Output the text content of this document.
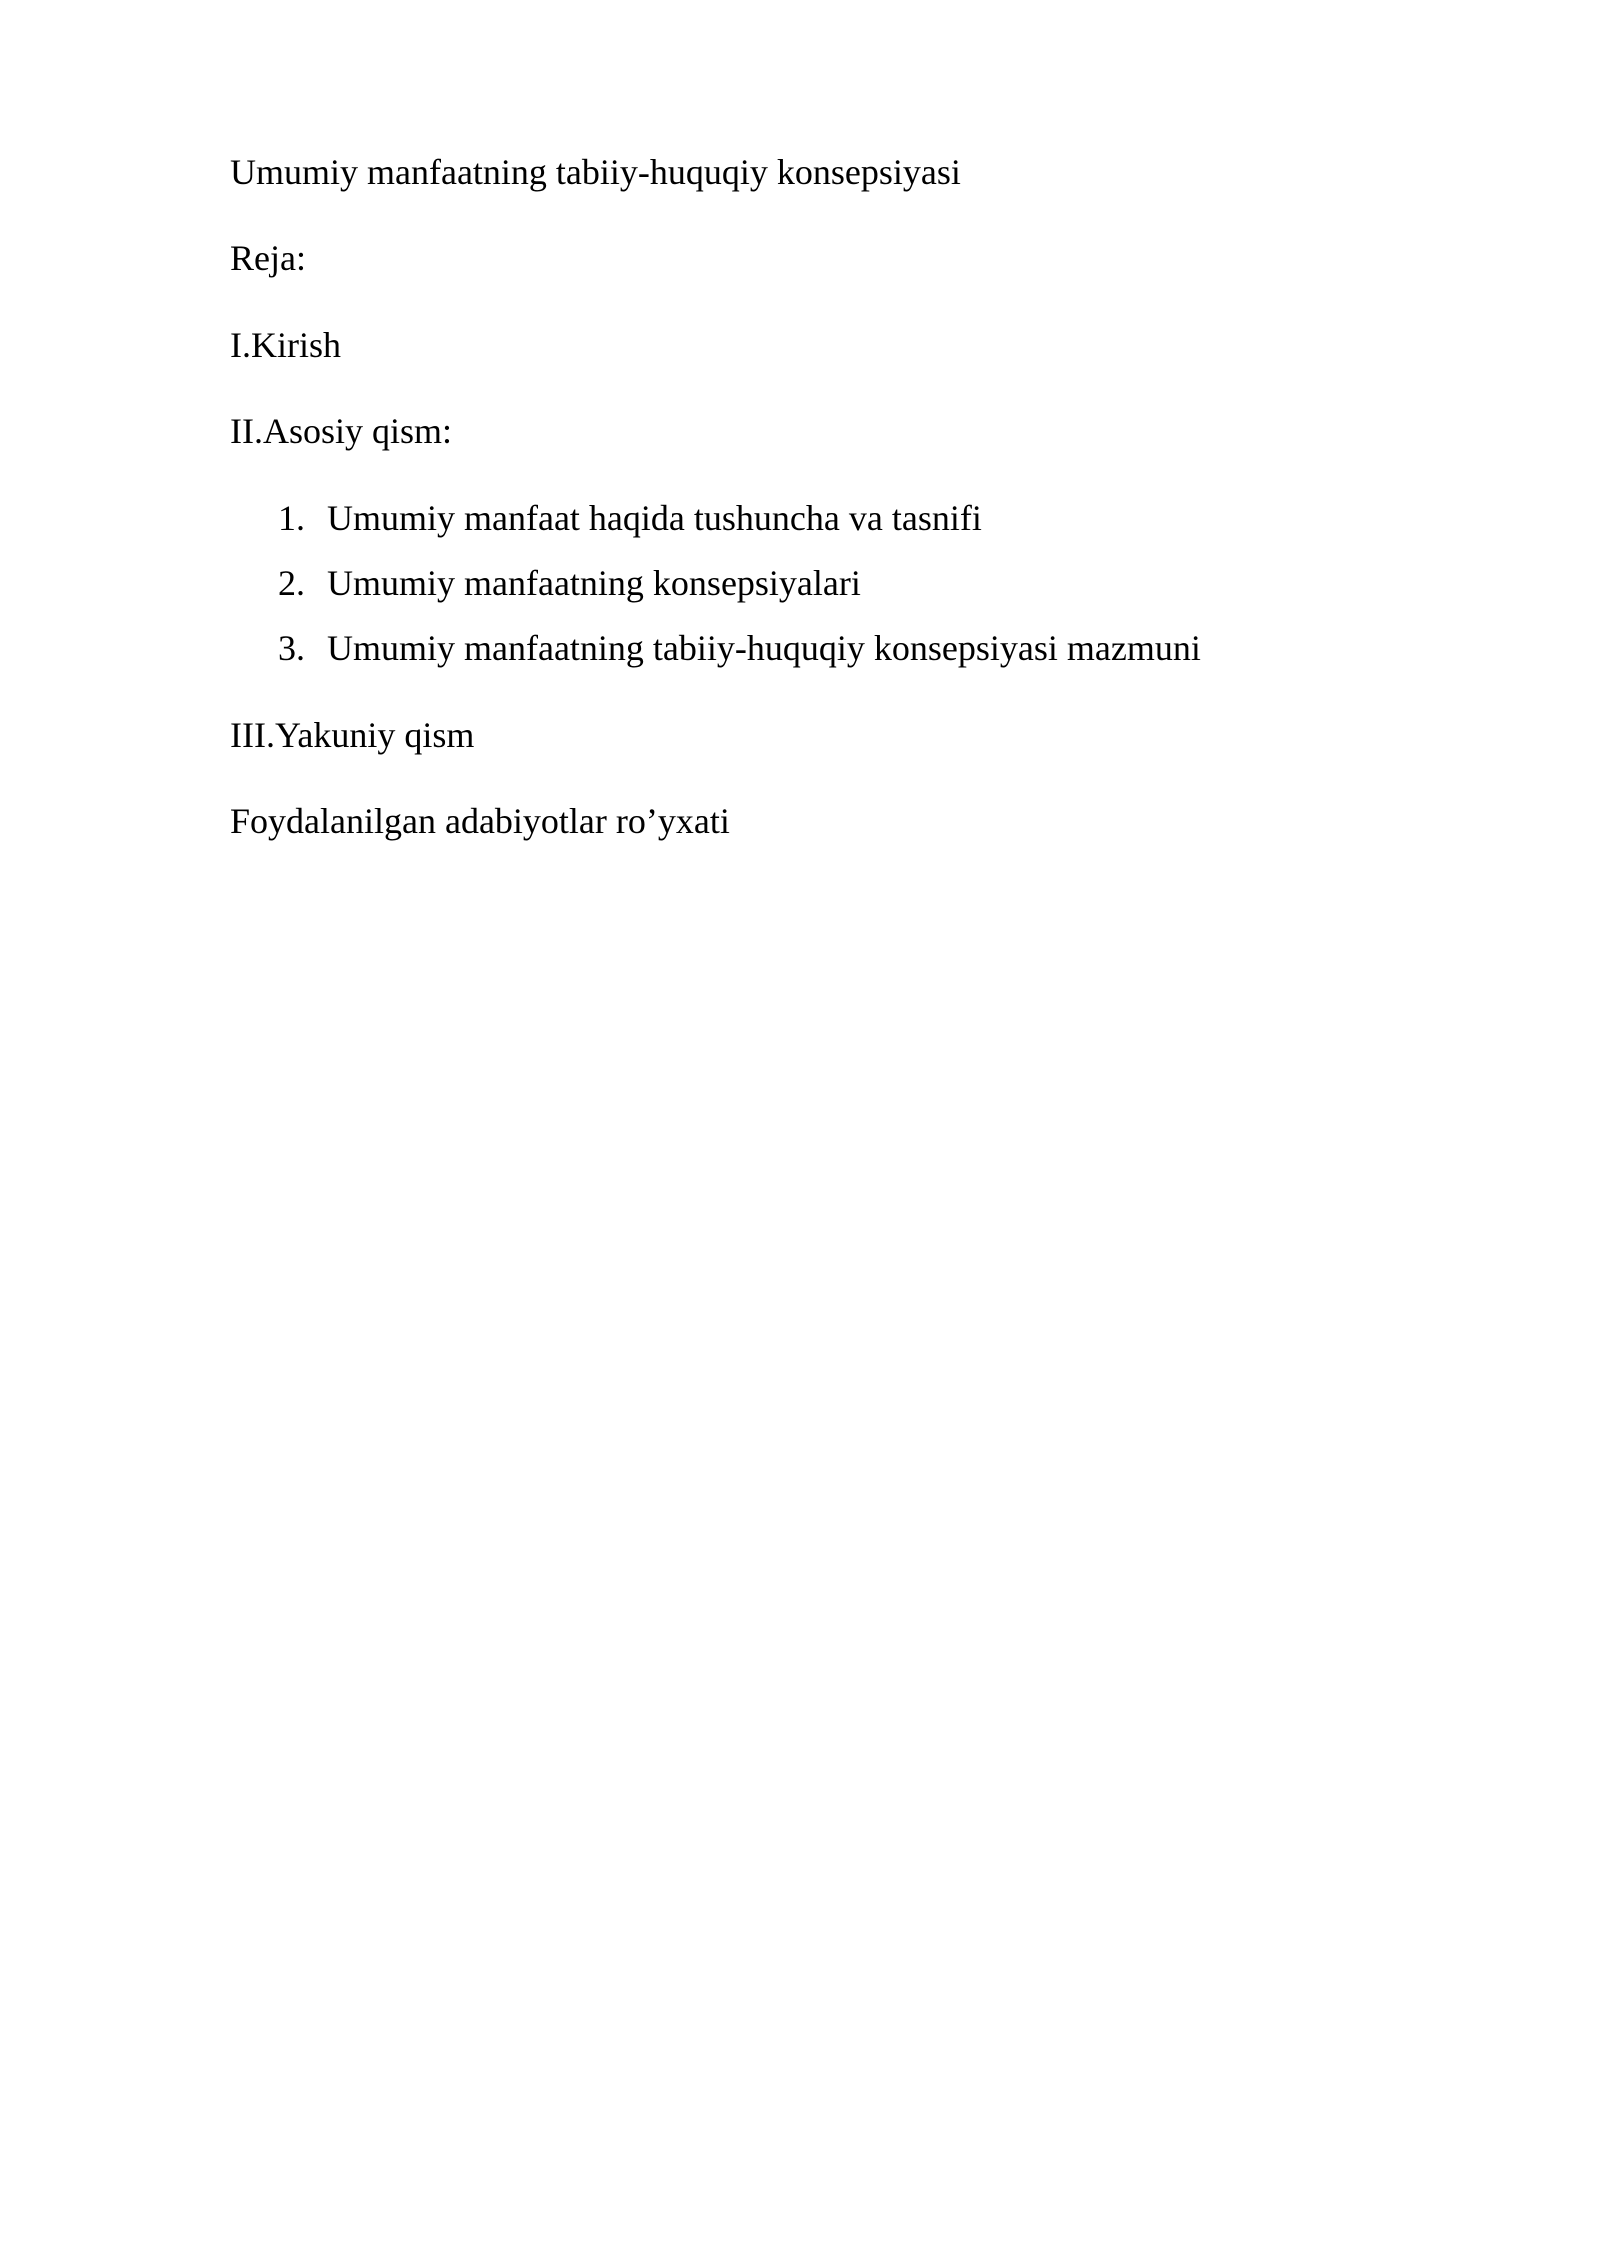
Umumiy manfaatning tabiiy-huquqiy konsepsiyasi

Reja:

I.Kirish

II.Asosiy qism:

1. Umumiy manfaat haqida tushuncha va tasnifi
2. Umumiy manfaatning konsepsiyalari
3. Umumiy manfaatning tabiiy-huquqiy konsepsiyasi mazmuni

III.Yakuniy qism

Foydalanilgan adabiyotlar ro’yxati
